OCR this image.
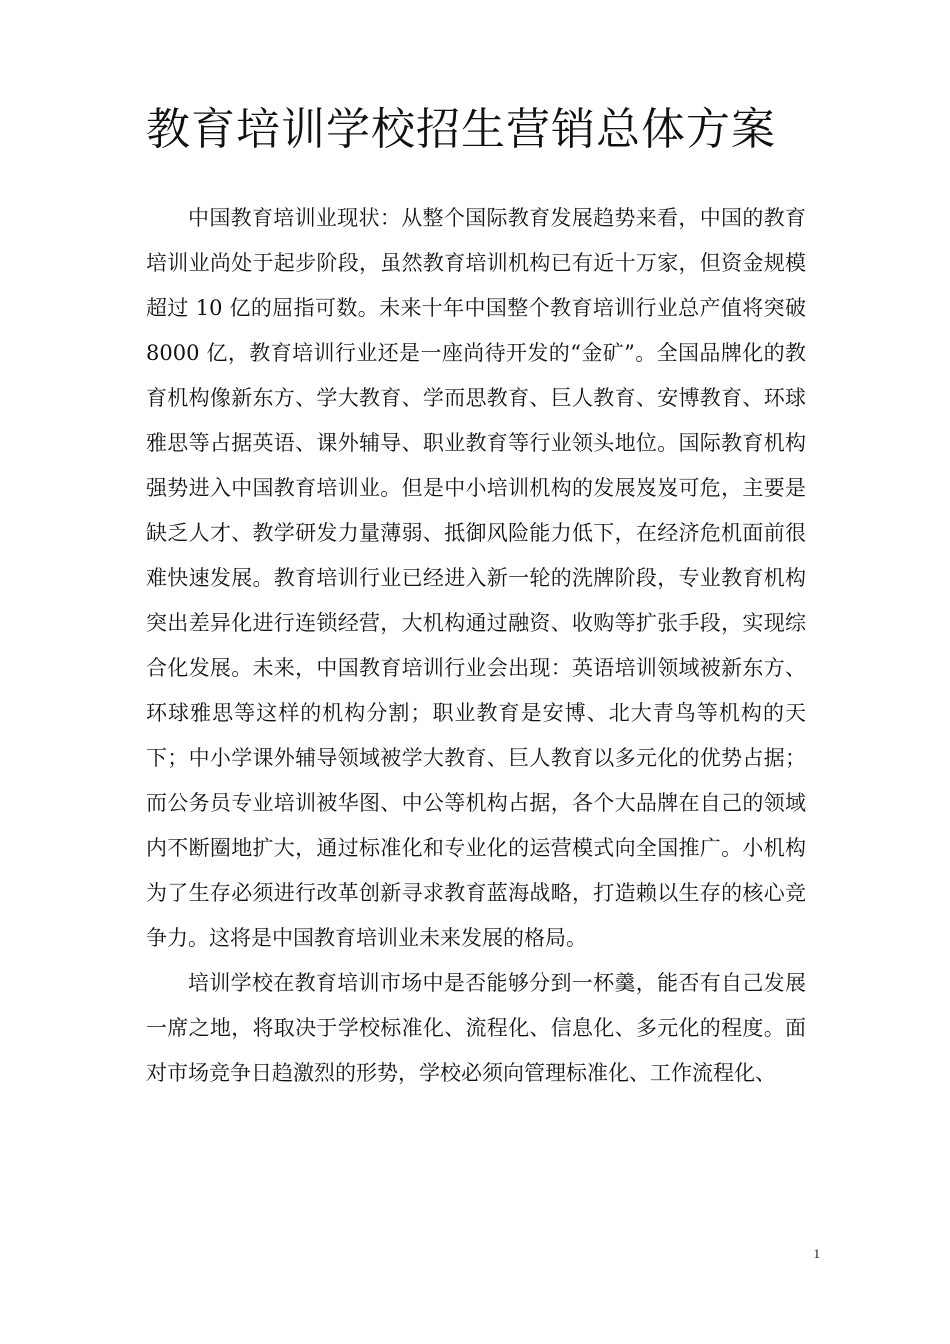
教育培训学校招生营销总体方案

中国教育培训业现状：从整个国际教育发展趋势来看，中国的教育培训业尚处于起步阶段，虽然教育培训机构已有近十万家，但资金规模超过 10 亿的屈指可数。未来十年中国整个教育培训行业总产值将突破 8000 亿，教育培训行业还是一座尚待开发的“金矿”。全国品牌化的教育机构像新东方、学大教育、学而思教育、巨人教育、安博教育、环球雅思等占据英语、课外辅导、职业教育等行业领头地位。国际教育机构强势进入中国教育培训业。但是中小培训机构的发展岌岌可危，主要是缺乏人才、教学研发力量薄弱、抵御风险能力低下，在经济危机面前很难快速发展。教育培训行业已经进入新一轮的洗牌阶段，专业教育机构突出差异化进行连锁经营，大机构通过融资、收购等扩张手段，实现综合化发展。未来，中国教育培训行业会出现：英语培训领域被新东方、环球雅思等这样的机构分割；职业教育是安博、北大青鸟等机构的天下；中小学课外辅导领域被学大教育、巨人教育以多元化的优势占据；而公务员专业培训被华图、中公等机构占据，各个大品牌在自己的领域内不断圈地扩大，通过标准化和专业化的运营模式向全国推广。小机构为了生存必须进行改革创新寻求教育蓝海战略，打造赖以生存的核心竞争力。这将是中国教育培训业未来发展的格局。

培训学校在教育培训市场中是否能够分到一杯羹，能否有自己发展一席之地，将取决于学校标准化、流程化、信息化、多元化的程度。面对市场竞争日趋激烈的形势，学校必须向管理标准化、工作流程化、

1
